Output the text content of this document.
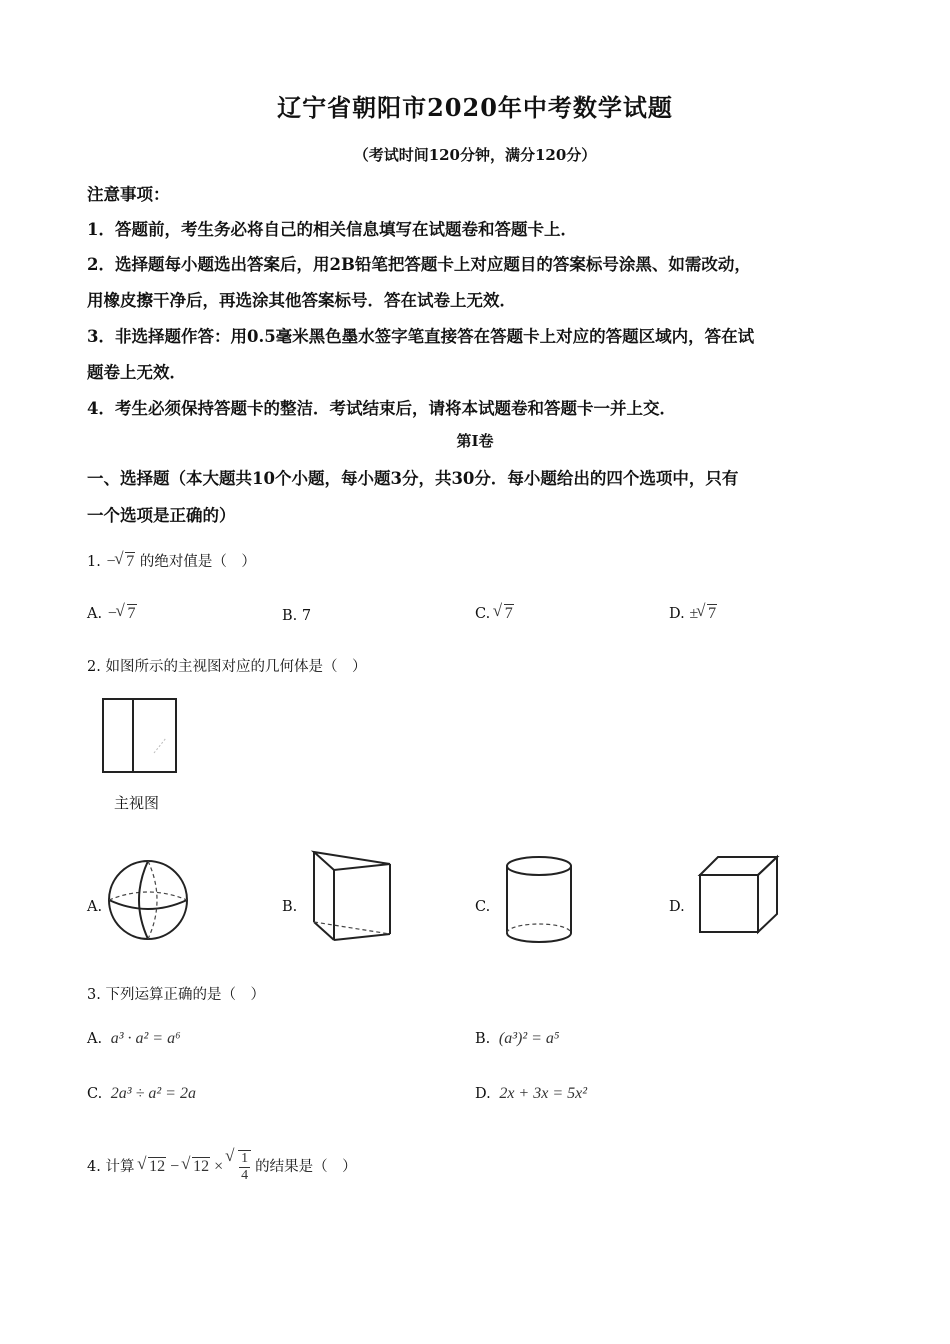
辽宁省朝阳市2020年中考数学试题
（考试时间120分钟，满分120分）
注意事项：
1．答题前，考生务必将自己的相关信息填写在试题卷和答题卡上．
2．选择题每小题选出答案后，用2B铅笔把答题卡上对应题目的答案标号涂黑、如需改动，
用橡皮擦干净后，再选涂其他答案标号．答在试卷上无效．
3．非选择题作答：用0.5毫米黑色墨水签字笔直接答在答题卡上对应的答题区域内，答在试
题卷上无效．
4．考生必须保持答题卡的整洁．考试结束后，请将本试题卷和答题卡一并上交．
第I卷
一、选择题（本大题共10个小题，每小题3分，共30分．每小题给出的四个选项中，只有
一个选项是正确的）
1. − √ 7 的绝对值是（　）
A. − √ 7	B. 7	C. √ 7	D. ± √ 7
2. 如图所示的主视图对应的几何体是（　）
主视图
A.	B.	C.	D.
3. 下列运算正确的是（　）
A. a³ · a² = a⁶	B. (a³)² = a⁵
C. 2a³ ÷ a² = 2a	D. 2x + 3x = 5x²
4. 计算 √ 12 − √ 12 × √ $\frac{1}{4}$ 的结果是（　）
